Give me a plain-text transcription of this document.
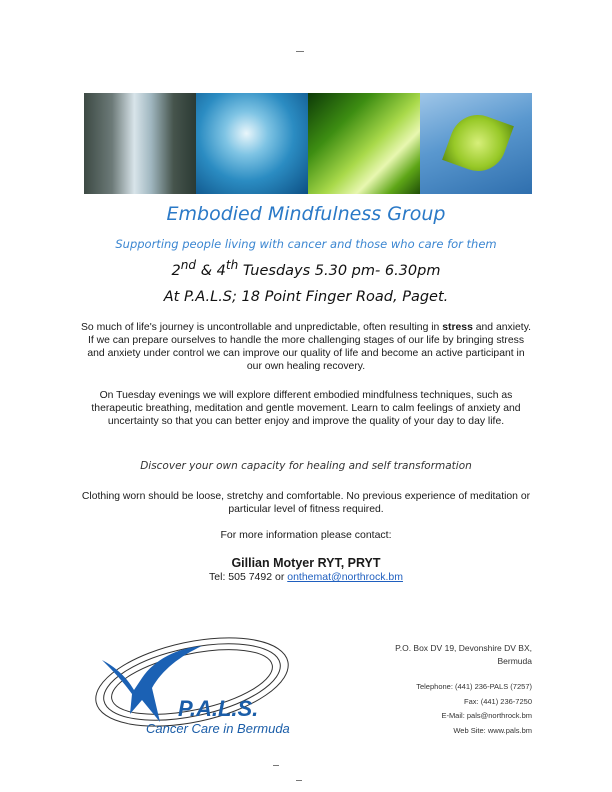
Embodied Mindfulness Group
Supporting people living with cancer and those who care for them
2nd & 4th Tuesdays 5.30 pm- 6.30pm
At P.A.L.S; 18 Point Finger Road, Paget.
So much of life's journey is uncontrollable and unpredictable, often resulting in stress and anxiety. If we can prepare ourselves to handle the more challenging stages of our life by bringing stress and anxiety under control we can improve our quality of life and become an active participant in our own healing recovery.
On Tuesday evenings we will explore different embodied mindfulness techniques, such as therapeutic breathing, meditation and gentle movement. Learn to calm feelings of anxiety and uncertainty so that you can better enjoy and improve the quality of your day to day life.
Discover your own capacity for healing and self transformation
Clothing worn should be loose, stretchy and comfortable. No previous experience of meditation or particular level of fitness required.
For more information please contact:
Gillian Motyer RYT, PRYT
Tel: 505 7492 or onthemat@northrock.bm
P.A.L.S.
Cancer Care in Bermuda
P.O. Box DV 19, Devonshire DV BX,
Bermuda
Telephone: (441) 236-PALS (7257)
Fax: (441) 236-7250
E-Mail: pals@northrock.bm
Web Site: www.pals.bm
